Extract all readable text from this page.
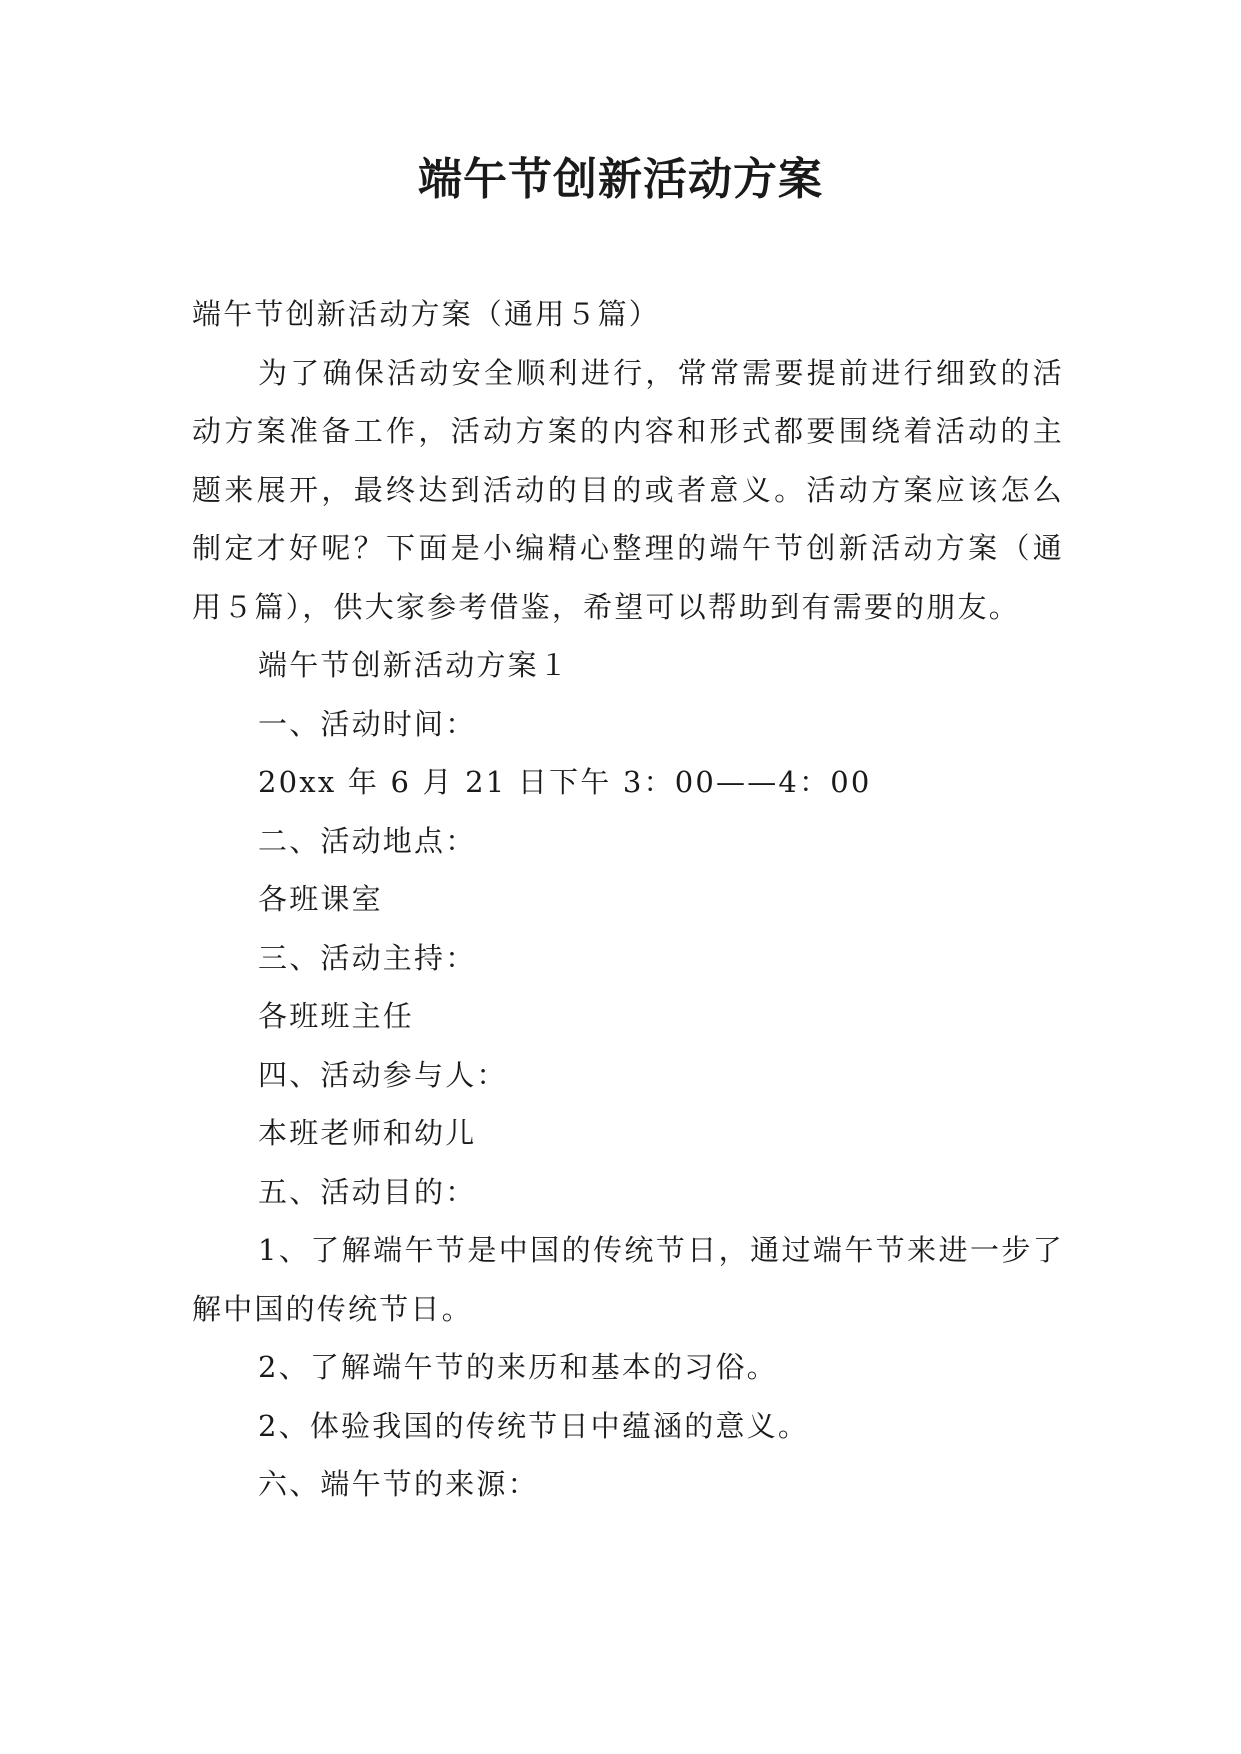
端午节创新活动方案

端午节创新活动方案（通用５篇）

为了确保活动安全顺利进行，常常需要提前进行细致的活动方案准备工作，活动方案的内容和形式都要围绕着活动的主题来展开，最终达到活动的目的或者意义。活动方案应该怎么制定才好呢？下面是小编精心整理的端午节创新活动方案（通用５篇），供大家参考借鉴，希望可以帮助到有需要的朋友。

端午节创新活动方案１

一、活动时间：

20xx 年 6 月 21 日下午 3：00——4：00

二、活动地点：

各班课室

三、活动主持：

各班班主任

四、活动参与人：

本班老师和幼儿

五、活动目的：

1、了解端午节是中国的传统节日，通过端午节来进一步了解中国的传统节日。

2、了解端午节的来历和基本的习俗。

2、体验我国的传统节日中蕴涵的意义。

六、端午节的来源：
